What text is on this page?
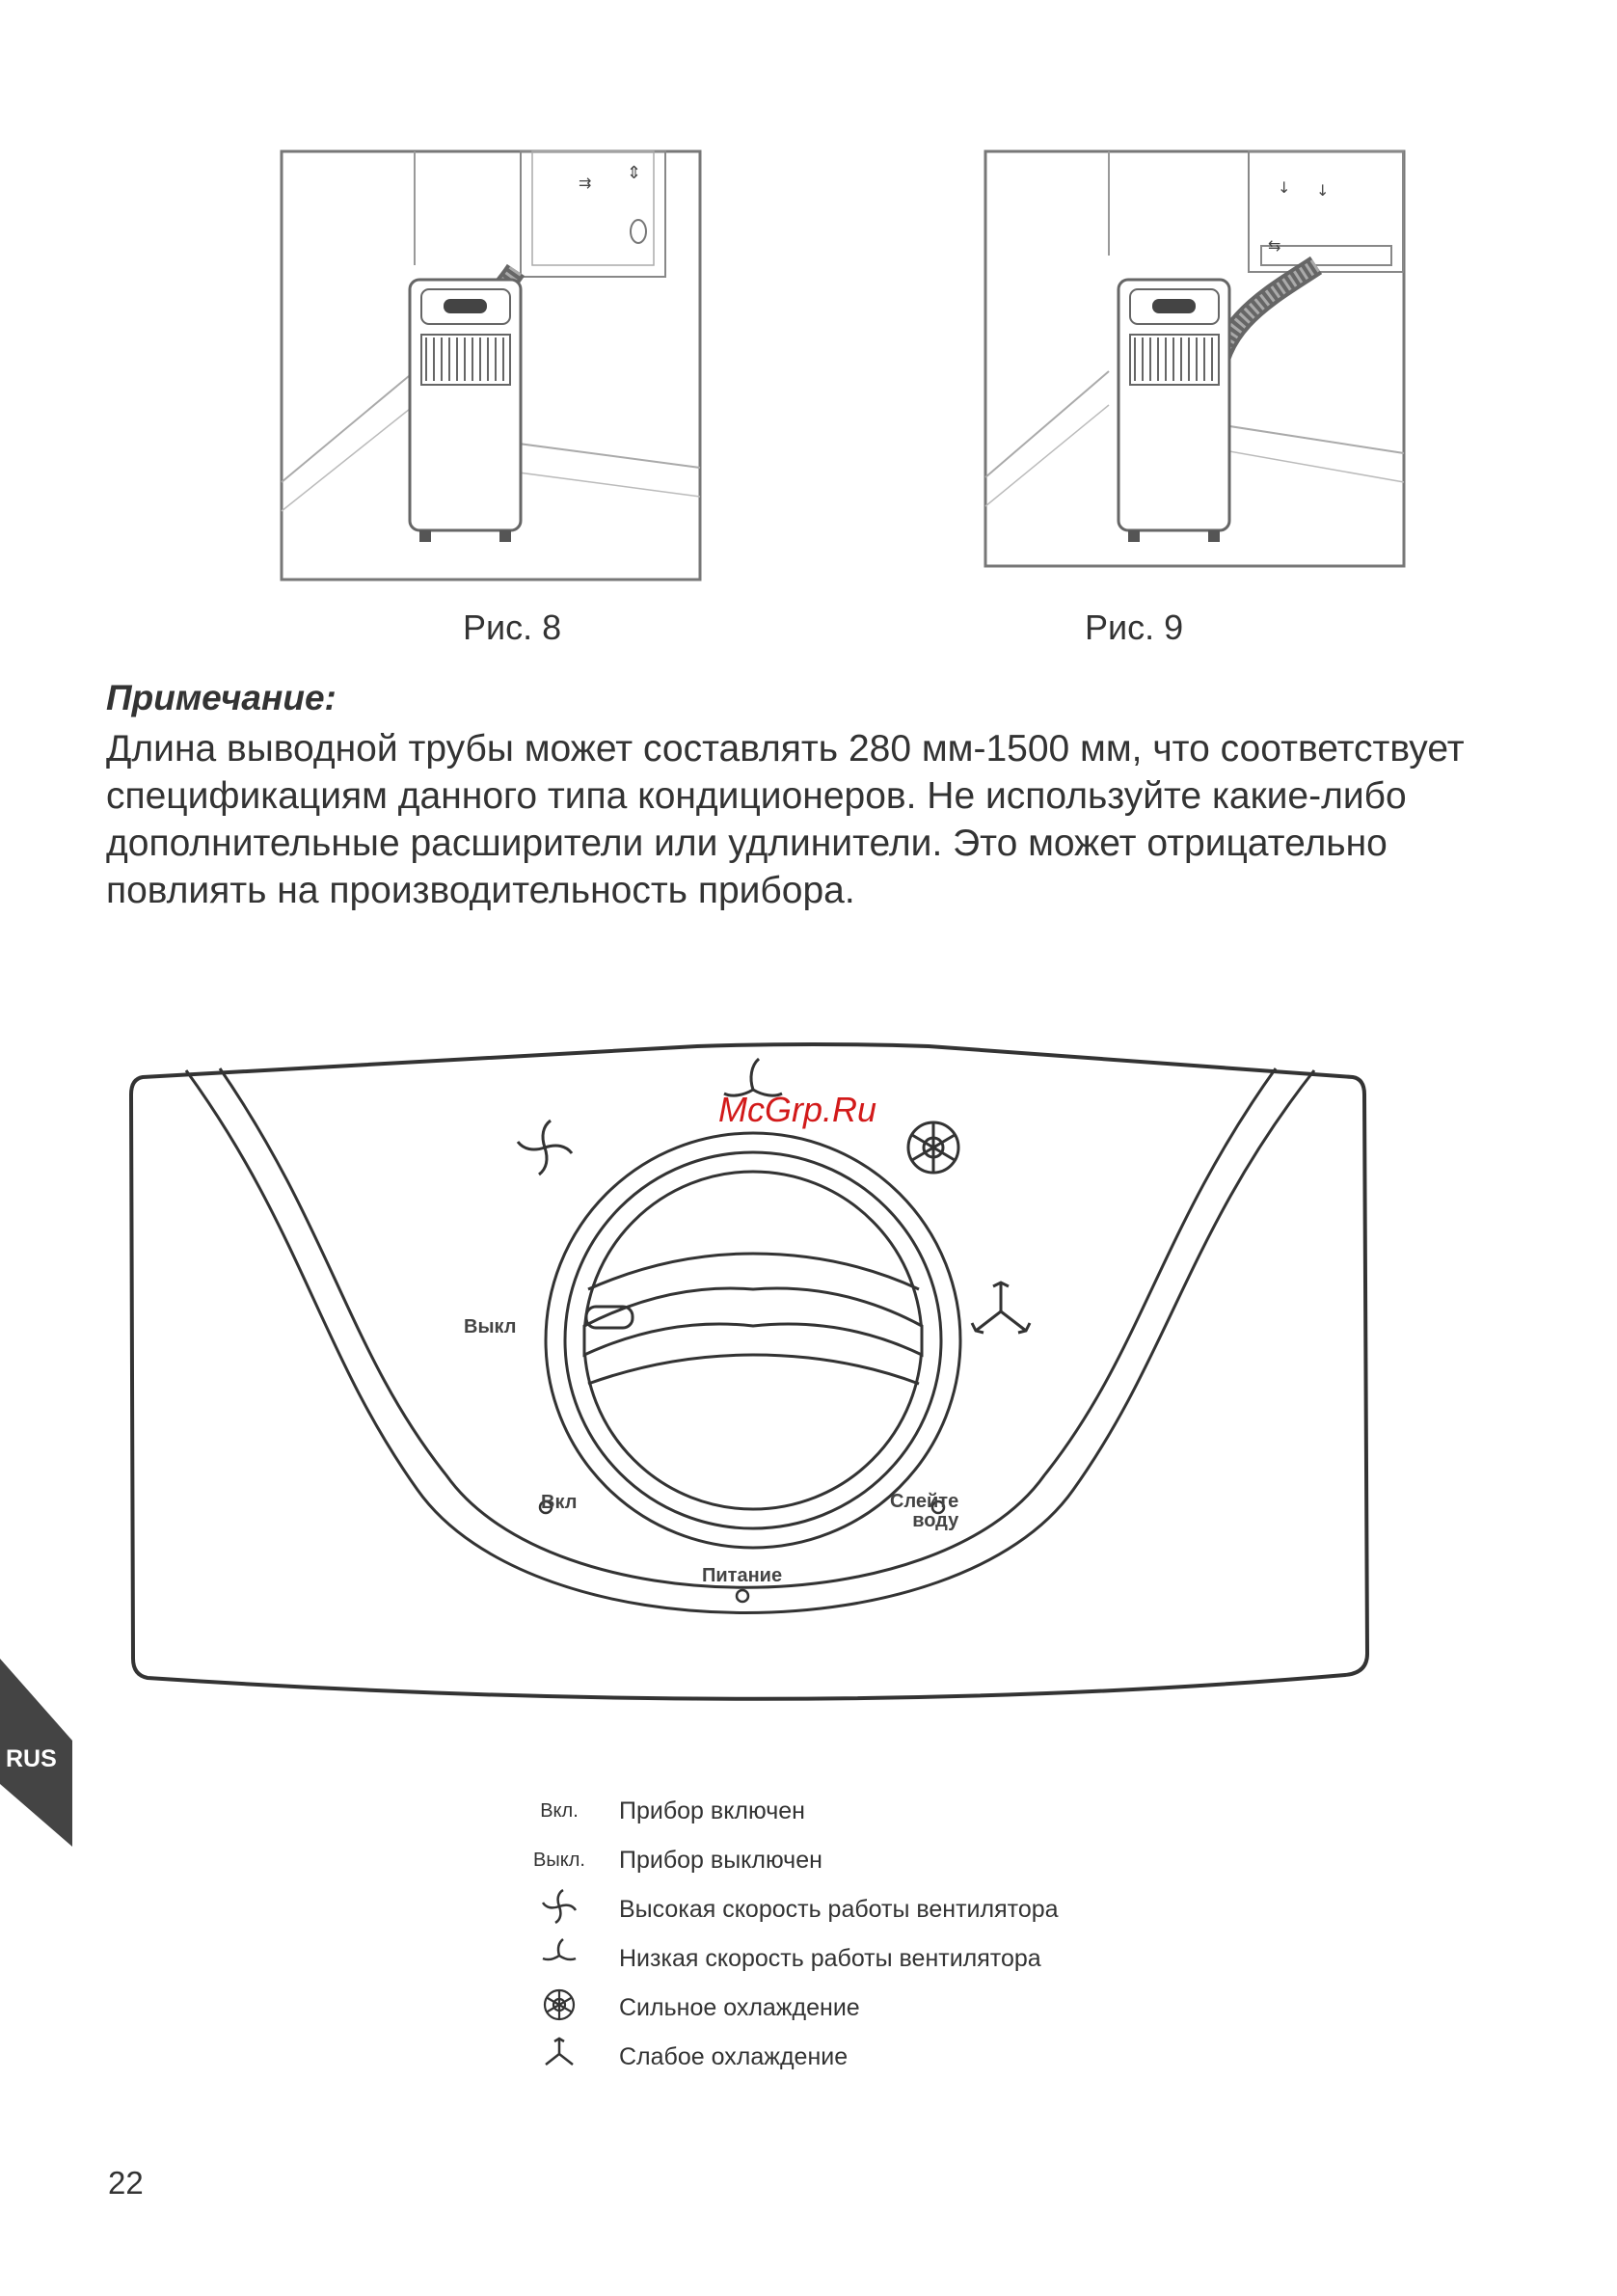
⇉ ⇕
Рис. 8
↓ ↓
⇆
Рис. 9
Примечание:
Длина выводной трубы может составлять 280 мм-1500 мм, что соответствует спецификациям данного типа кондиционеров. Не используйте какие-либо дополнительные расширители или удлинители. Это может отрицательно повлиять на производительность прибора.
Выкл
Вкл	Слейте
воду
Питание
McGrp.Ru
RUS
Вкл.	Прибор включен
Выкл.	Прибор выключен
Высокая скорость работы вентилятора
Низкая скорость работы вентилятора
Сильное охлаждение
Слабое охлаждение
22
